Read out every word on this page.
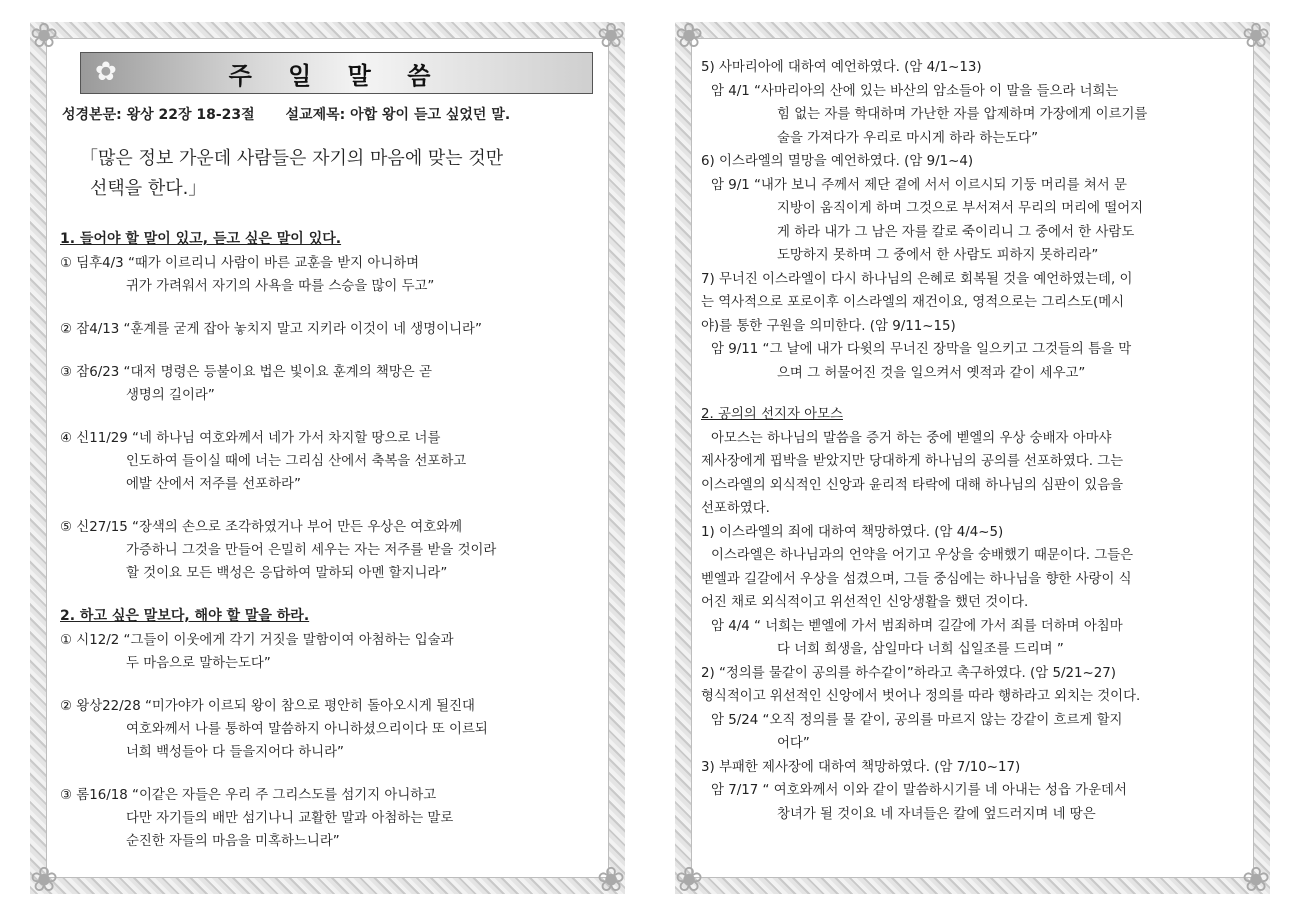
❀	❀
❀	❀
✿	주 일 말 씀
성경본문: 왕상 22장 18-23절 설교제목: 아합 왕이 듣고 싶었던 말.
「많은 정보 가운데 사람들은 자기의 마음에 맞는 것만
선택을 한다.」
1. 들어야 할 말이 있고, 듣고 싶은 말이 있다.
① 딤후4/3 “때가 이르리니 사람이 바른 교훈을 받지 아니하며
귀가 가려워서 자기의 사욕을 따를 스승을 많이 두고”
② 잠4/13 “훈계를 굳게 잡아 놓치지 말고 지키라 이것이 네 생명이니라”
③ 잠6/23 “대저 명령은 등불이요 법은 빛이요 훈계의 책망은 곧
생명의 길이라”
④ 신11/29 “네 하나님 여호와께서 네가 가서 차지할 땅으로 너를
인도하여 들이실 때에 너는 그리심 산에서 축복을 선포하고
에발 산에서 저주를 선포하라”
⑤ 신27/15 “장색의 손으로 조각하였거나 부어 만든 우상은 여호와께
가증하니 그것을 만들어 은밀히 세우는 자는 저주를 받을 것이라
할 것이요 모든 백성은 응답하여 말하되 아멘 할지니라”
2. 하고 싶은 말보다, 해야 할 말을 하라.
① 시12/2 “그들이 이웃에게 각기 거짓을 말함이여 아첨하는 입술과
두 마음으로 말하는도다”
② 왕상22/28 “미가야가 이르되 왕이 참으로 평안히 돌아오시게 될진대
여호와께서 나를 통하여 말씀하지 아니하셨으리이다 또 이르되
너희 백성들아 다 들을지어다 하니라”
③ 롬16/18 “이같은 자들은 우리 주 그리스도를 섬기지 아니하고
다만 자기들의 배만 섬기나니 교활한 말과 아첨하는 말로
순진한 자들의 마음을 미혹하느니라”
❀	❀
❀	❀
5) 사마리아에 대하여 예언하였다. (암 4/1~13)
암 4/1 “사마리아의 산에 있는 바산의 암소들아 이 말을 들으라 너희는
힘 없는 자를 학대하며 가난한 자를 압제하며 가장에게 이르기를
술을 가져다가 우리로 마시게 하라 하는도다”
6) 이스라엘의 멸망을 예언하였다. (암 9/1~4)
암 9/1 “내가 보니 주께서 제단 곁에 서서 이르시되 기둥 머리를 쳐서 문
지방이 움직이게 하며 그것으로 부서져서 무리의 머리에 떨어지
게 하라 내가 그 남은 자를 칼로 죽이리니 그 중에서 한 사람도
도망하지 못하며 그 중에서 한 사람도 피하지 못하리라”
7) 무너진 이스라엘이 다시 하나님의 은혜로 회복될 것을 예언하였는데, 이
는 역사적으로 포로이후 이스라엘의 재건이요, 영적으로는 그리스도(메시
야)를 통한 구원을 의미한다. (암 9/11~15)
암 9/11 “그 날에 내가 다윗의 무너진 장막을 일으키고 그것들의 틈을 막
으며 그 허물어진 것을 일으켜서 옛적과 같이 세우고”
2. 공의의 선지자 아모스
아모스는 하나님의 말씀을 증거 하는 중에 벧엘의 우상 숭배자 아마샤
제사장에게 핍박을 받았지만 당대하게 하나님의 공의를 선포하였다. 그는
이스라엘의 외식적인 신앙과 윤리적 타락에 대해 하나님의 심판이 있음을
선포하였다.
1) 이스라엘의 죄에 대하여 책망하였다. (암 4/4~5)
이스라엘은 하나님과의 언약을 어기고 우상을 숭배했기 때문이다. 그들은
벧엘과 길갈에서 우상을 섬겼으며, 그들 중심에는 하나님을 향한 사랑이 식
어진 채로 외식적이고 위선적인 신앙생활을 했던 것이다.
암 4/4 “ 너희는 벧엘에 가서 범죄하며 길갈에 가서 죄를 더하며 아침마
다 너희 희생을, 삼일마다 너희 십일조를 드리며 ”
2) “정의를 물같이 공의를 하수같이”하라고 촉구하였다. (암 5/21~27)
형식적이고 위선적인 신앙에서 벗어나 정의를 따라 행하라고 외치는 것이다.
암 5/24 “오직 정의를 물 같이, 공의를 마르지 않는 강같이 흐르게 할지
어다”
3) 부패한 제사장에 대하여 책망하였다. (암 7/10~17)
암 7/17 “ 여호와께서 이와 같이 말씀하시기를 네 아내는 성읍 가운데서
창녀가 될 것이요 네 자녀들은 칼에 엎드러지며 네 땅은
